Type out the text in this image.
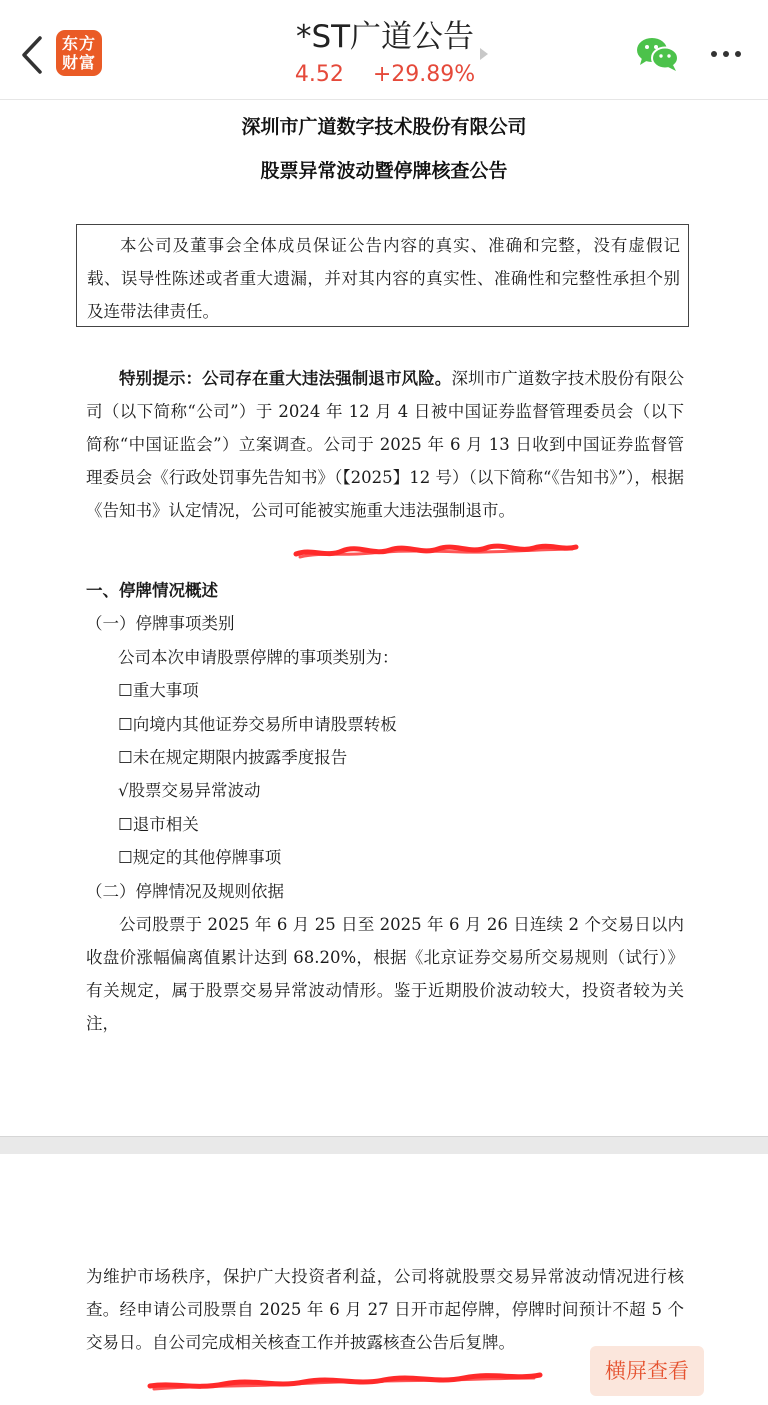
东方
财富
*ST广道公告
4.52 +29.89%
深圳市广道数字技术股份有限公司
股票异常波动暨停牌核查公告
本公司及董事会全体成员保证公告内容的真实、准确和完整，没有虚假记载、误导性陈述或者重大遗漏，并对其内容的真实性、准确性和完整性承担个别及连带法律责任。
特别提示：公司存在重大违法强制退市风险。深圳市广道数字技术股份有限公司（以下简称“公司”）于 2024 年 12 月 4 日被中国证券监督管理委员会（以下简称“中国证监会”）立案调查。公司于 2025 年 6 月 13 日收到中国证券监督管理委员会《行政处罚事先告知书》（【2025】12 号）（以下简称“《告知书》”），根据《告知书》认定情况，公司可能被实施重大违法强制退市。
一、停牌情况概述
（一）停牌事项类别
公司本次申请股票停牌的事项类别为：
☐重大事项
☐向境内其他证券交易所申请股票转板
☐未在规定期限内披露季度报告
√股票交易异常波动
☐退市相关
☐规定的其他停牌事项
（二）停牌情况及规则依据
公司股票于 2025 年 6 月 25 日至 2025 年 6 月 26 日连续 2 个交易日以内收盘价涨幅偏离值累计达到 68.20%，根据《北京证券交易所交易规则（试行）》有关规定，属于股票交易异常波动情形。鉴于近期股价波动较大，投资者较为关注，
为维护市场秩序，保护广大投资者利益，公司将就股票交易异常波动情况进行核查。经申请公司股票自 2025 年 6 月 27 日开市起停牌，停牌时间预计不超 5 个交易日。自公司完成相关核查工作并披露核查公告后复牌。
横屏查看
